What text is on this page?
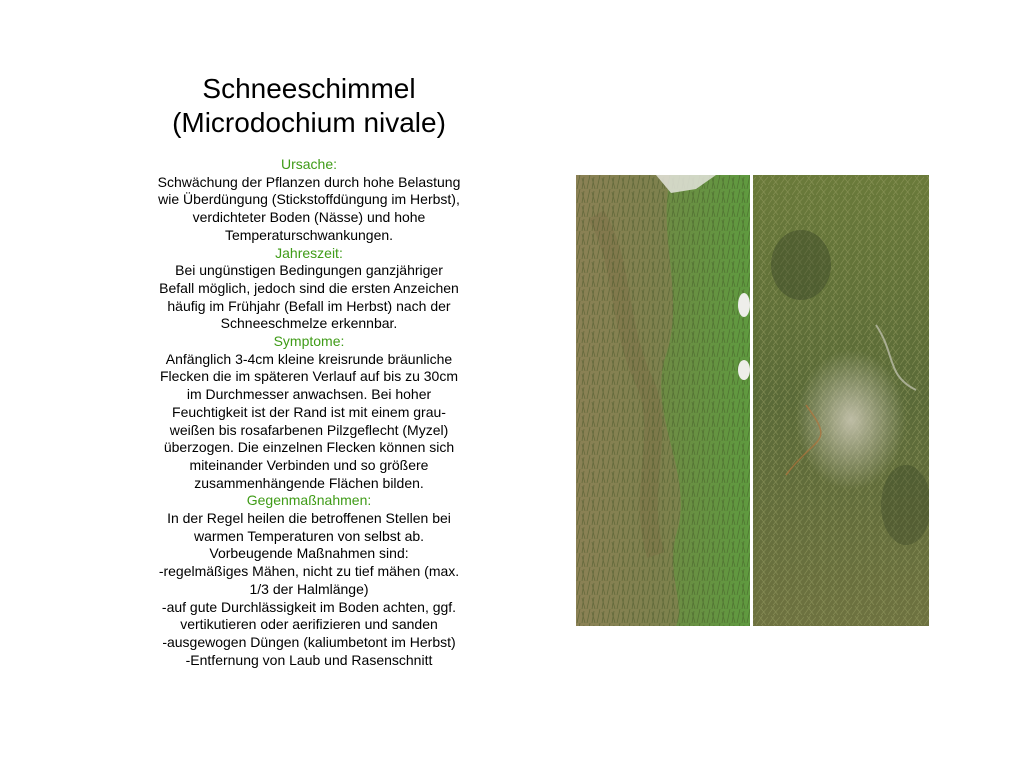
Schneeschimmel
(Microdochium nivale)
Ursache:
Schwächung der Pflanzen durch hohe Belastung
wie Überdüngung (Stickstoffdüngung im Herbst),
verdichteter Boden (Nässe) und hohe
Temperaturschwankungen.
Jahreszeit:
Bei ungünstigen Bedingungen ganzjähriger
Befall möglich, jedoch sind die ersten Anzeichen
häufig im Frühjahr (Befall im Herbst) nach der
Schneeschmelze erkennbar.
Symptome:
Anfänglich 3-4cm kleine kreisrunde bräunliche
Flecken die im späteren Verlauf auf bis zu 30cm
im Durchmesser anwachsen. Bei hoher
Feuchtigkeit ist der Rand ist mit einem grau-
weißen bis rosafarbenen Pilzgeflecht (Myzel)
überzogen. Die einzelnen Flecken können sich
miteinander Verbinden und so größere
zusammenhängende Flächen bilden.
Gegenmaßnahmen:
In der Regel heilen die betroffenen Stellen bei
warmen Temperaturen von selbst ab.
Vorbeugende Maßnahmen sind:
-regelmäßiges Mähen, nicht zu tief mähen (max.
1/3 der Halmlänge)
-auf gute Durchlässigkeit im Boden achten, ggf.
vertikutieren oder aerifizieren und sanden
-ausgewogen Düngen (kaliumbetont im Herbst)
-Entfernung von Laub und Rasenschnitt
